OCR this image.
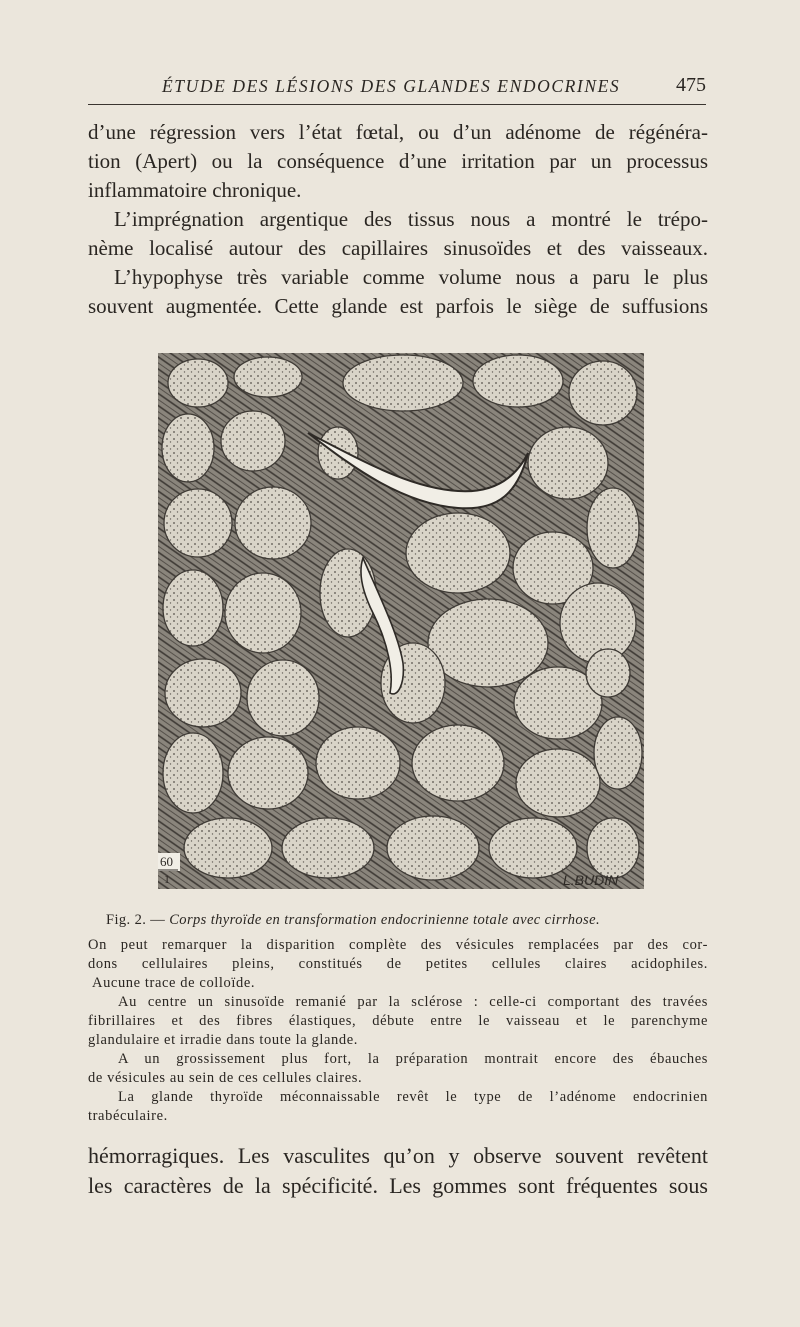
ÉTUDE DES LÉSIONS DES GLANDES ENDOCRINES	475
d’une régression vers l’état fœtal, ou d’un adénome de régénéra-
tion (Apert) ou la conséquence d’une irritation par un processus
inflammatoire chronique.
L’imprégnation argentique des tissus nous a montré le trépo-
nème localisé autour des capillaires sinusoïdes et des vaisseaux.
L’hypophyse très variable comme volume nous a paru le plus
souvent augmentée. Cette glande est parfois le siège de suffusions
60
1	L.BUDIN
Fig. 2. — Corps thyroïde en transformation endocrinienne totale avec cirrhose.

On peut remarquer la disparition complète des vésicules remplacées par des cor-
dons cellulaires pleins, constitués de petites cellules claires acidophiles.
Aucune trace de colloïde.

Au centre un sinusoïde remanié par la sclérose : celle-ci comportant des travées
fibrillaires et des fibres élastiques, débute entre le vaisseau et le parenchyme
glandulaire et irradie dans toute la glande.

A un grossissement plus fort, la préparation montrait encore des ébauches
de vésicules au sein de ces cellules claires.

La glande thyroïde méconnaissable revêt le type de l’adénome endocrinien
trabéculaire.

hémorragiques. Les vasculites qu’on y observe souvent revêtent
les caractères de la spécificité. Les gommes sont fréquentes sous
